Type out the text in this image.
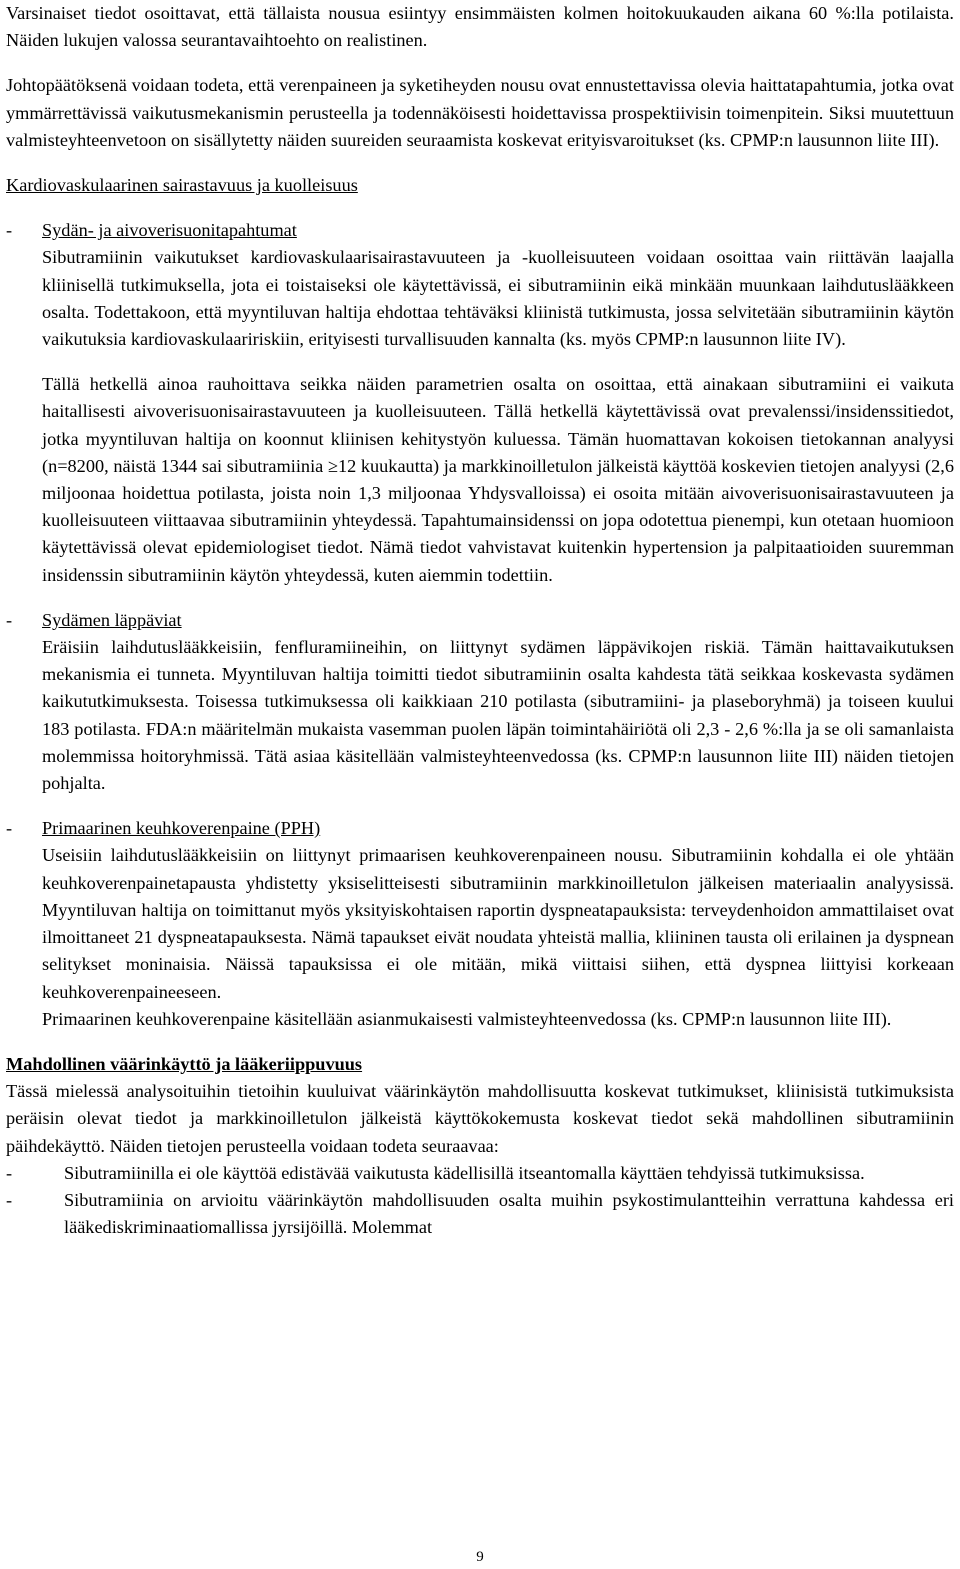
Varsinaiset tiedot osoittavat, että tällaista nousua esiintyy ensimmäisten kolmen hoitokuukauden aikana 60 %:lla potilaista. Näiden lukujen valossa seurantavaihtoehto on realistinen.

Johtopäätöksenä voidaan todeta, että verenpaineen ja syketiheyden nousu ovat ennustettavissa olevia haittatapahtumia, jotka ovat ymmärrettävissä vaikutusmekanismin perusteella ja todennäköisesti hoidettavissa prospektiivisin toimenpitein. Siksi muutettuun valmisteyhteenvetoon on sisällytetty näiden suureiden seuraamista koskevat erityisvaroitukset (ks. CPMP:n lausunnon liite III).

Kardiovaskulaarinen sairastavuus ja kuolleisuus

-	Sydän- ja aivoverisuonitapahtumat

Sibutramiinin vaikutukset kardiovaskulaarisairastavuuteen ja -kuolleisuuteen voidaan osoittaa vain riittävän laajalla kliinisellä tutkimuksella, jota ei toistaiseksi ole käytettävissä, ei sibutramiinin eikä minkään muunkaan laihdutuslääkkeen osalta. Todettakoon, että myyntiluvan haltija ehdottaa tehtäväksi kliinistä tutkimusta, jossa selvitetään sibutramiinin käytön vaikutuksia kardiovaskulaaririskiin, erityisesti turvallisuuden kannalta (ks. myös CPMP:n lausunnon liite IV).

Tällä hetkellä ainoa rauhoittava seikka näiden parametrien osalta on osoittaa, että ainakaan sibutramiini ei vaikuta haitallisesti aivoverisuonisairastavuuteen ja kuolleisuuteen. Tällä hetkellä käytettävissä ovat prevalenssi/insidenssitiedot, jotka myyntiluvan haltija on koonnut kliinisen kehitystyön kuluessa. Tämän huomattavan kokoisen tietokannan analyysi (n=8200, näistä 1344 sai sibutramiinia ≥12 kuukautta) ja markkinoilletulon jälkeistä käyttöä koskevien tietojen analyysi (2,6 miljoonaa hoidettua potilasta, joista noin 1,3 miljoonaa Yhdysvalloissa) ei osoita mitään aivoverisuonisairastavuuteen ja kuolleisuuteen viittaavaa sibutramiinin yhteydessä. Tapahtumainsidenssi on jopa odotettua pienempi, kun otetaan huomioon käytettävissä olevat epidemiologiset tiedot. Nämä tiedot vahvistavat kuitenkin hypertension ja palpitaatioiden suuremman insidenssin sibutramiinin käytön yhteydessä, kuten aiemmin todettiin.

-	Sydämen läppäviat

Eräisiin laihdutuslääkkeisiin, fenfluramiineihin, on liittynyt sydämen läppävikojen riskiä. Tämän haittavaikutuksen mekanismia ei tunneta. Myyntiluvan haltija toimitti tiedot sibutramiinin osalta kahdesta tätä seikkaa koskevasta sydämen kaikututkimuksesta. Toisessa tutkimuksessa oli kaikkiaan 210 potilasta (sibutramiini- ja plaseboryhmä) ja toiseen kuului 183 potilasta. FDA:n määritelmän mukaista vasemman puolen läpän toimintahäiriötä oli 2,3 - 2,6 %:lla ja se oli samanlaista molemmissa hoitoryhmissä. Tätä asiaa käsitellään valmisteyhteenvedossa (ks. CPMP:n lausunnon liite III) näiden tietojen pohjalta.

-	Primaarinen keuhkoverenpaine (PPH)

Useisiin laihdutuslääkkeisiin on liittynyt primaarisen keuhkoverenpaineen nousu. Sibutramiinin kohdalla ei ole yhtään keuhkoverenpainetapausta yhdistetty yksiselitteisesti sibutramiinin markkinoilletulon jälkeisen materiaalin analyysissä. Myyntiluvan haltija on toimittanut myös yksityiskohtaisen raportin dyspneatapauksista: terveydenhoidon ammattilaiset ovat ilmoittaneet 21 dyspneatapauksesta. Nämä tapaukset eivät noudata yhteistä mallia, kliininen tausta oli erilainen ja dyspnean selitykset moninaisia. Näissä tapauksissa ei ole mitään, mikä viittaisi siihen, että dyspnea liittyisi korkeaan keuhkoverenpaineeseen.

Primaarinen keuhkoverenpaine käsitellään asianmukaisesti valmisteyhteenvedossa (ks. CPMP:n lausunnon liite III).

Mahdollinen väärinkäyttö ja lääkeriippuvuus

Tässä mielessä analysoituihin tietoihin kuuluivat väärinkäytön mahdollisuutta koskevat tutkimukset, kliinisistä tutkimuksista peräisin olevat tiedot ja markkinoilletulon jälkeistä käyttökokemusta koskevat tiedot sekä mahdollinen sibutramiinin päihdekäyttö. Näiden tietojen perusteella voidaan todeta seuraavaa:

-	Sibutramiinilla ei ole käyttöä edistävää vaikutusta kädellisillä itseantomalla käyttäen tehdyissä tutkimuksissa.

-	Sibutramiinia on arvioitu väärinkäytön mahdollisuuden osalta muihin psykostimulantteihin verrattuna kahdessa eri lääkediskriminaatiomallissa jyrsijöillä. Molemmat

9
